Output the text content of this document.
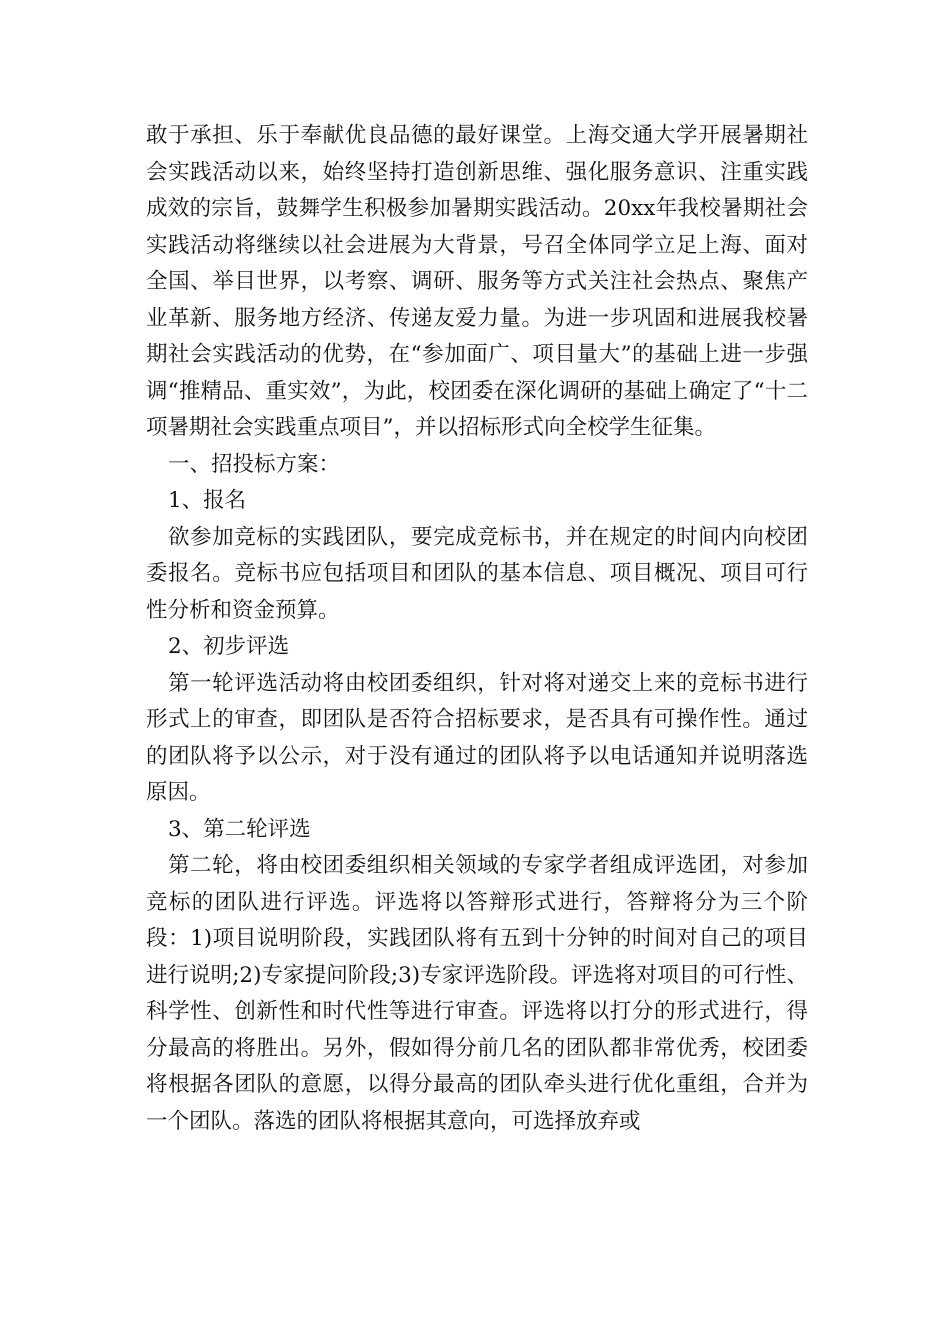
敢于承担、乐于奉献优良品德的最好课堂。上海交通大学开展暑期社会实践活动以来，始终坚持打造创新思维、强化服务意识、注重实践成效的宗旨，鼓舞学生积极参加暑期实践活动。20xx年我校暑期社会实践活动将继续以社会进展为大背景，号召全体同学立足上海、面对全国、举目世界，以考察、调研、服务等方式关注社会热点、聚焦产业革新、服务地方经济、传递友爱力量。为进一步巩固和进展我校暑期社会实践活动的优势，在“参加面广、项目量大”的基础上进一步强调“推精品、重实效”，为此，校团委在深化调研的基础上确定了“十二项暑期社会实践重点项目”，并以招标形式向全校学生征集。

一、招投标方案：

1、报名

欲参加竞标的实践团队，要完成竞标书，并在规定的时间内向校团委报名。竞标书应包括项目和团队的基本信息、项目概况、项目可行性分析和资金预算。

2、初步评选

第一轮评选活动将由校团委组织，针对将对递交上来的竞标书进行形式上的审查，即团队是否符合招标要求，是否具有可操作性。通过的团队将予以公示，对于没有通过的团队将予以电话通知并说明落选原因。

3、第二轮评选

第二轮，将由校团委组织相关领域的专家学者组成评选团，对参加竞标的团队进行评选。评选将以答辩形式进行，答辩将分为三个阶段：1)项目说明阶段，实践团队将有五到十分钟的时间对自己的项目进行说明;2)专家提问阶段;3)专家评选阶段。评选将对项目的可行性、科学性、创新性和时代性等进行审查。评选将以打分的形式进行，得分最高的将胜出。另外，假如得分前几名的团队都非常优秀，校团委将根据各团队的意愿，以得分最高的团队牵头进行优化重组，合并为一个团队。落选的团队将根据其意向，可选择放弃或
